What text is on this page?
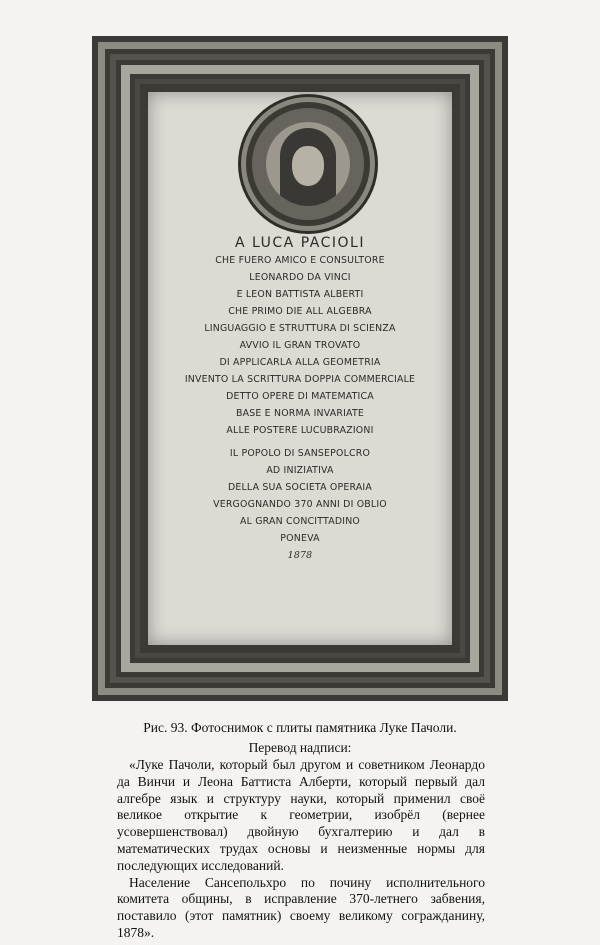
A LUCA PACIOLI
CHE FUERO AMICO E CONSULTORE
LEONARDO DA VINCI
E LEON BATTISTA ALBERTI
CHE PRIMO DIE ALL ALGEBRA
LINGUAGGIO E STRUTTURA DI SCIENZA
AVVIO IL GRAN TROVATO
DI APPLICARLA ALLA GEOMETRIA
INVENTO LA SCRITTURA DOPPIA COMMERCIALE
DETTO OPERE DI MATEMATICA
BASE E NORMA INVARIATE
ALLE POSTERE LUCUBRAZIONI
IL POPOLO DI SANSEPOLCRO
AD INIZIATIVA
DELLA SUA SOCIETA OPERAIA
VERGOGNANDO 370 ANNI DI OBLIO
AL GRAN CONCITTADINO
PONEVA
1878
Рис. 93. Фотоснимок с плиты памятника Луке Пачоли.
Перевод надписи:

«Луке Пачоли, который был другом и советником Леонардо да Винчи и Леона Баттиста Алберти, который первый дал алгебре язык и структуру науки, который применил своё великое открытие к геометрии, изобрёл (вернее усовершенствовал) двойную бухгалтерию и дал в математических трудах основы и неизменные нормы для последующих исследований.

Население Сансепольхро по почину исполнительного комитета общины, в исправление 370-летнего забвения, поставило (этот памятник) своему великому согражданину, 1878».
